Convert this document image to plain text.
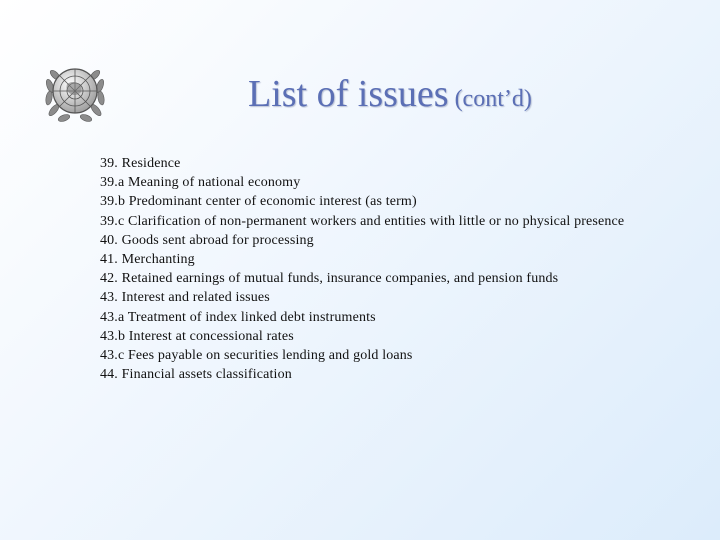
List of issues (cont’d)
39. Residence
39.a Meaning of national economy
39.b Predominant center of economic interest (as term)
39.c Clarification of non-permanent workers and entities with little or no physical presence
40. Goods sent abroad for processing
41. Merchanting
42. Retained earnings of mutual funds, insurance companies, and pension funds
43. Interest and related issues
43.a Treatment of index linked debt instruments
43.b Interest at concessional rates
43.c Fees payable on securities lending and gold loans
44. Financial assets classification
